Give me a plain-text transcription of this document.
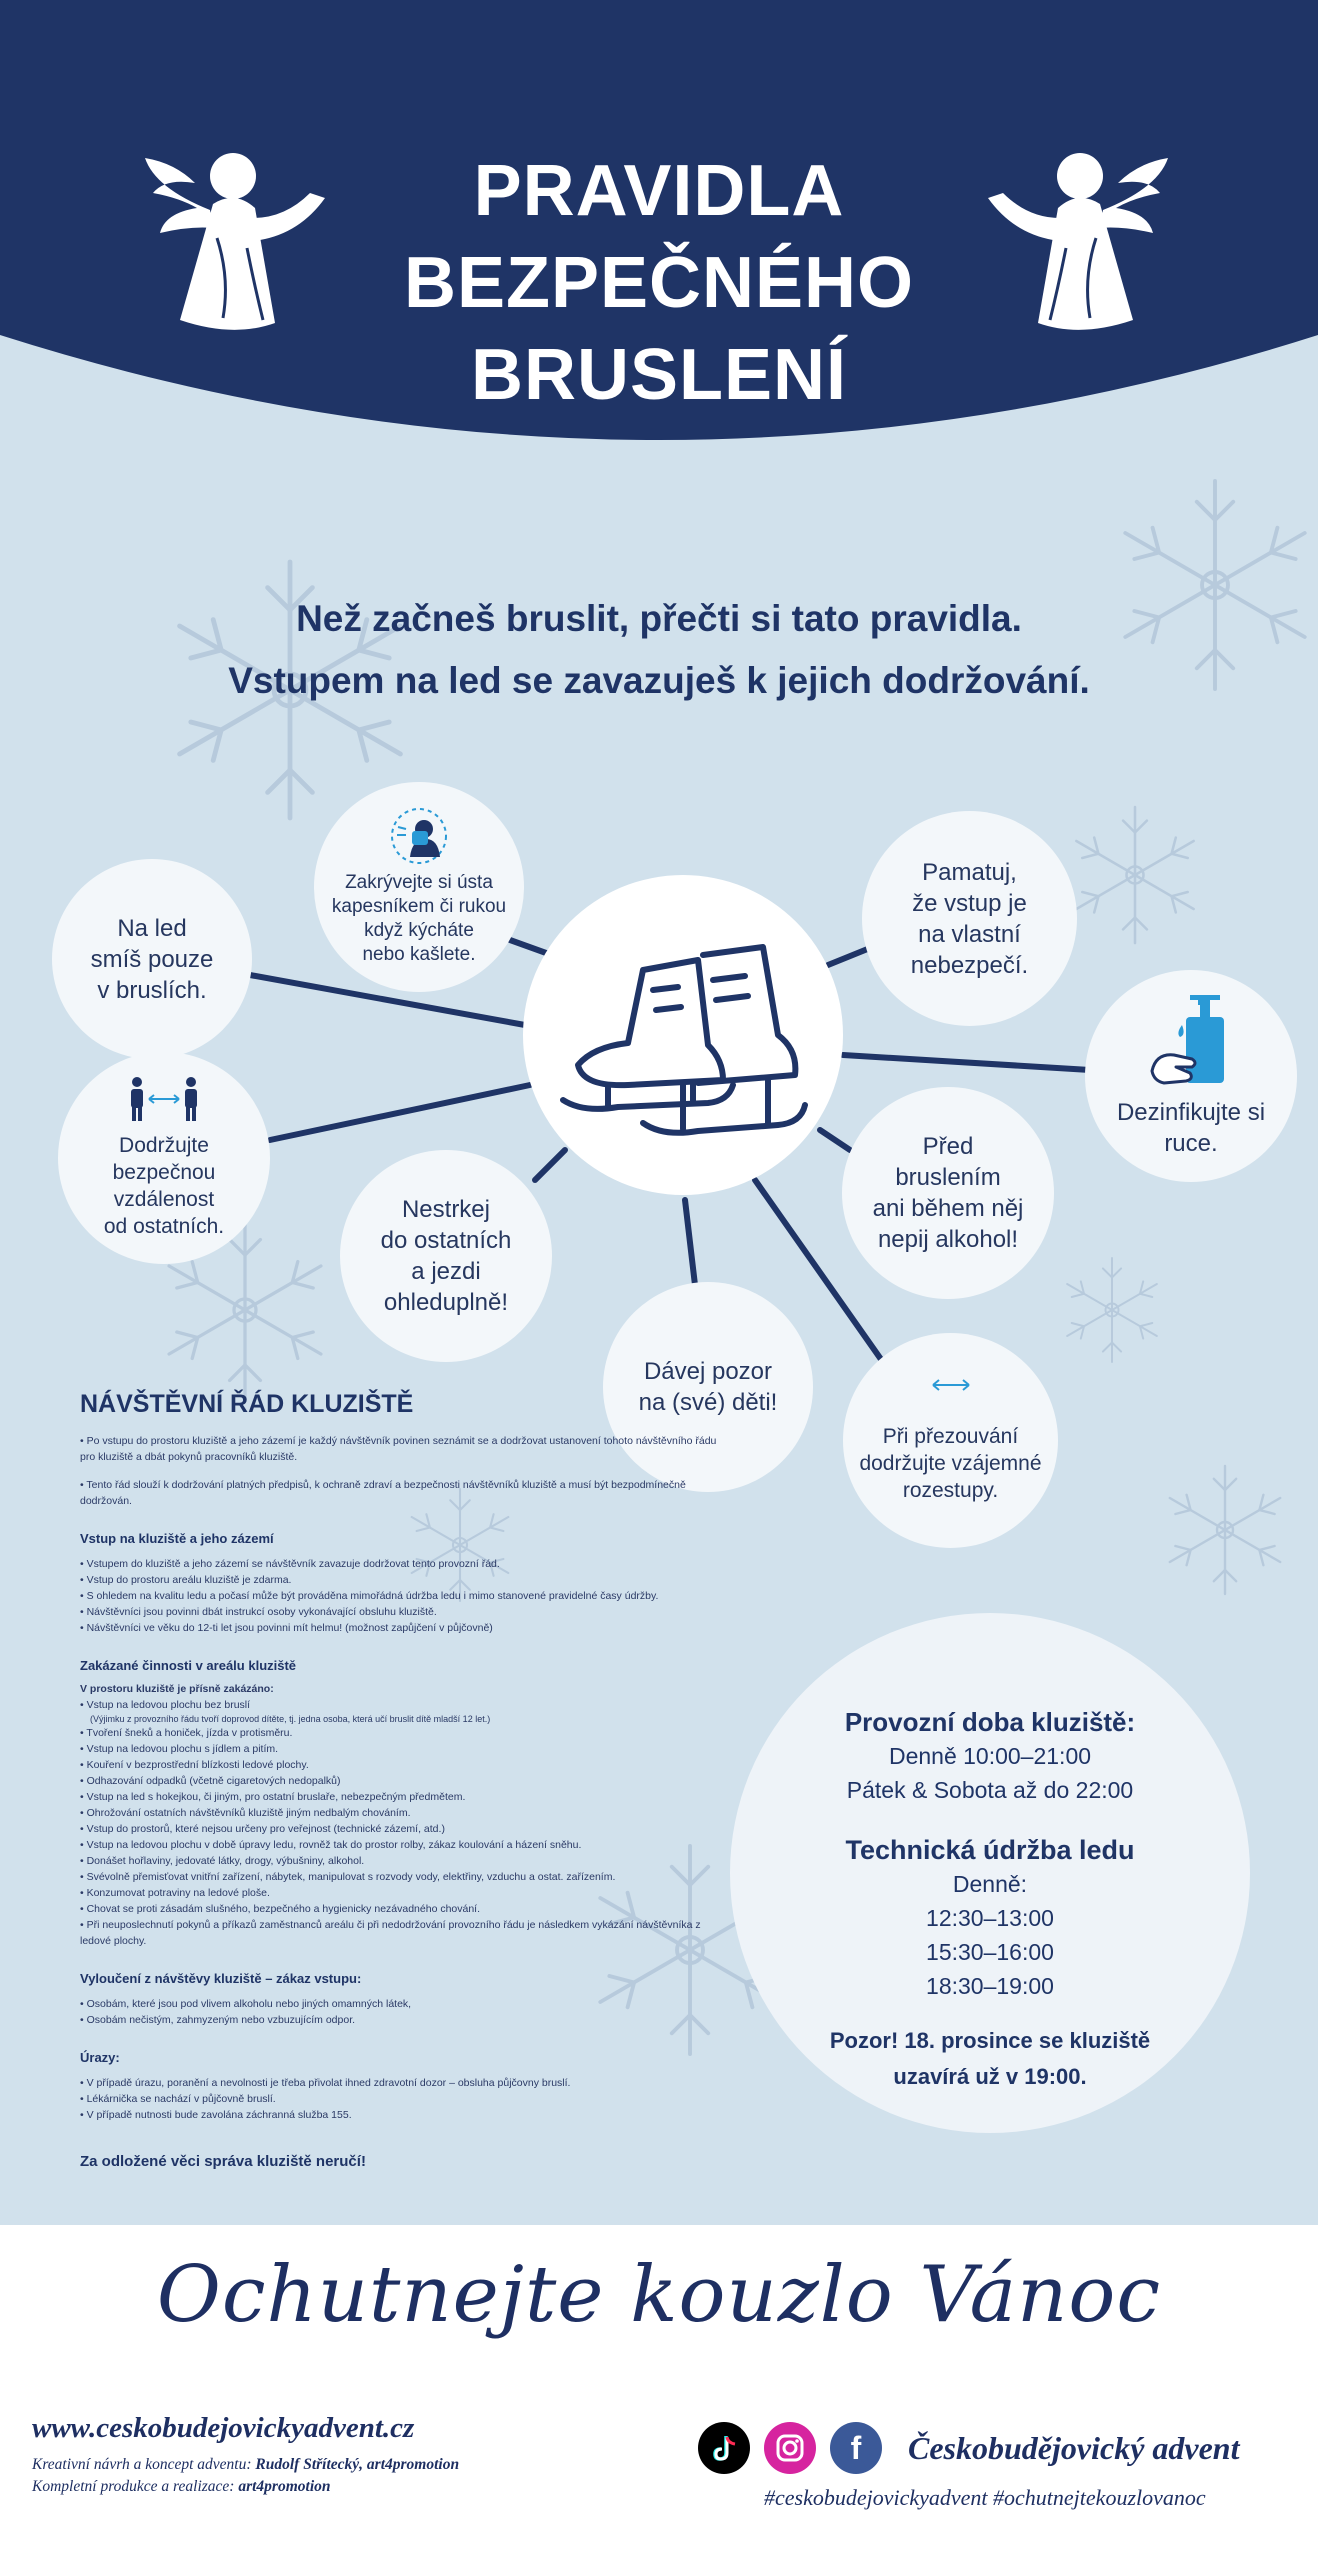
PRAVIDLA
BEZPEČNÉHO
BRUSLENÍ
Než začneš bruslit, přečti si tato pravidla.
Vstupem na led se zavazuješ k jejich dodržování.
Na led
smíš pouze
v bruslích.
Zakrývejte si ústa
kapesníkem či rukou
když kýcháte
nebo kašlete.
Pamatuj,
že vstup je
na vlastní
nebezpečí.
Dezinfikujte si
ruce.
Dodržujte
bezpečnou
vzdálenost
od ostatních.
Nestrkej
do ostatních
a jezdi
ohleduplně!
Dávej pozor
na (své) děti!
Před
bruslením
ani během něj
nepij alkohol!
Při přezouvání
dodržujte vzájemné
rozestupy.
NÁVŠTĚVNÍ ŘÁD KLUZIŠTĚ

• Po vstupu do prostoru kluziště a jeho zázemí je každý návštěvník povinen seznámit se a dodržovat ustanovení tohoto návštěvního řádu pro kluziště a dbát pokynů pracovníků kluziště.

• Tento řád slouží k dodržování platných předpisů, k ochraně zdraví a bezpečnosti návštěvníků kluziště a musí být bezpodmínečně dodržován.

Vstup na kluziště a jeho zázemí

• Vstupem do kluziště a jeho zázemí se návštěvník zavazuje dodržovat tento provozní řád.

• Vstup do prostoru areálu kluziště je zdarma.

• S ohledem na kvalitu ledu a počasí může být prováděna mimořádná údržba ledu i mimo stanovené pravidelné časy údržby.

• Návštěvníci jsou povinni dbát instrukcí osoby vykonávající obsluhu kluziště.

• Návštěvníci ve věku do 12-ti let jsou povinni mít helmu! (možnost zapůjčení v půjčovně)

Zakázané činnosti v areálu kluziště
V prostoru kluziště je přísně zakázáno:

• Vstup na ledovou plochu bez bruslí

(Výjimku z provozního řádu tvoří doprovod dítěte, tj. jedna osoba, která učí bruslit dítě mladší 12 let.)

• Tvoření šneků a honiček, jízda v protisměru.

• Vstup na ledovou plochu s jídlem a pitím.

• Kouření v bezprostřední blízkosti ledové plochy.

• Odhazování odpadků (včetně cigaretových nedopalků)

• Vstup na led s hokejkou, či jiným, pro ostatní bruslaře, nebezpečným předmětem.

• Ohrožování ostatních návštěvníků kluziště jiným nedbalým chováním.

• Vstup do prostorů, které nejsou určeny pro veřejnost (technické zázemí, atd.)

• Vstup na ledovou plochu v době úpravy ledu, rovněž tak do prostor rolby, zákaz koulování a házení sněhu.

• Donášet hořlaviny, jedovaté látky, drogy, výbušniny, alkohol.

• Svévolně přemisťovat vnitřní zařízení, nábytek, manipulovat s rozvody vody, elektřiny, vzduchu a ostat. zařízením.

• Konzumovat potraviny na ledové ploše.

• Chovat se proti zásadám slušného, bezpečného a hygienicky nezávadného chování.

• Při neuposlechnutí pokynů a příkazů zaměstnanců areálu či při nedodržování provozního řádu je následkem vykázání návštěvníka z ledové plochy.

Vyloučení z návštěvy kluziště – zákaz vstupu:

• Osobám, které jsou pod vlivem alkoholu nebo jiných omamných látek,

• Osobám nečistým, zahmyzeným nebo vzbuzujícím odpor.

Úrazy:

• V případě úrazu, poranění a nevolnosti je třeba přivolat ihned zdravotní dozor – obsluha půjčovny bruslí.

• Lékárnička se nachází v půjčovně bruslí.

• V případě nutnosti bude zavolána záchranná služba 155.

Za odložené věci správa kluziště neručí!
Provozní doba kluziště:
Denně 10:00–21:00
Pátek & Sobota až do 22:00
Technická údržba ledu
Denně:
12:30–13:00
15:30–16:00
18:30–19:00
Pozor! 18. prosince se kluziště
uzavírá už v 19:00.
Ochutnejte kouzlo Vánoc
www.ceskobudejovickyadvent.cz
Kreativní návrh a koncept adventu: Rudolf Střítecký, art4promotion
Kompletní produkce a realizace: art4promotion
f	Českobudějovický advent
#ceskobudejovickyadvent #ochutnejtekouzlovanoc
